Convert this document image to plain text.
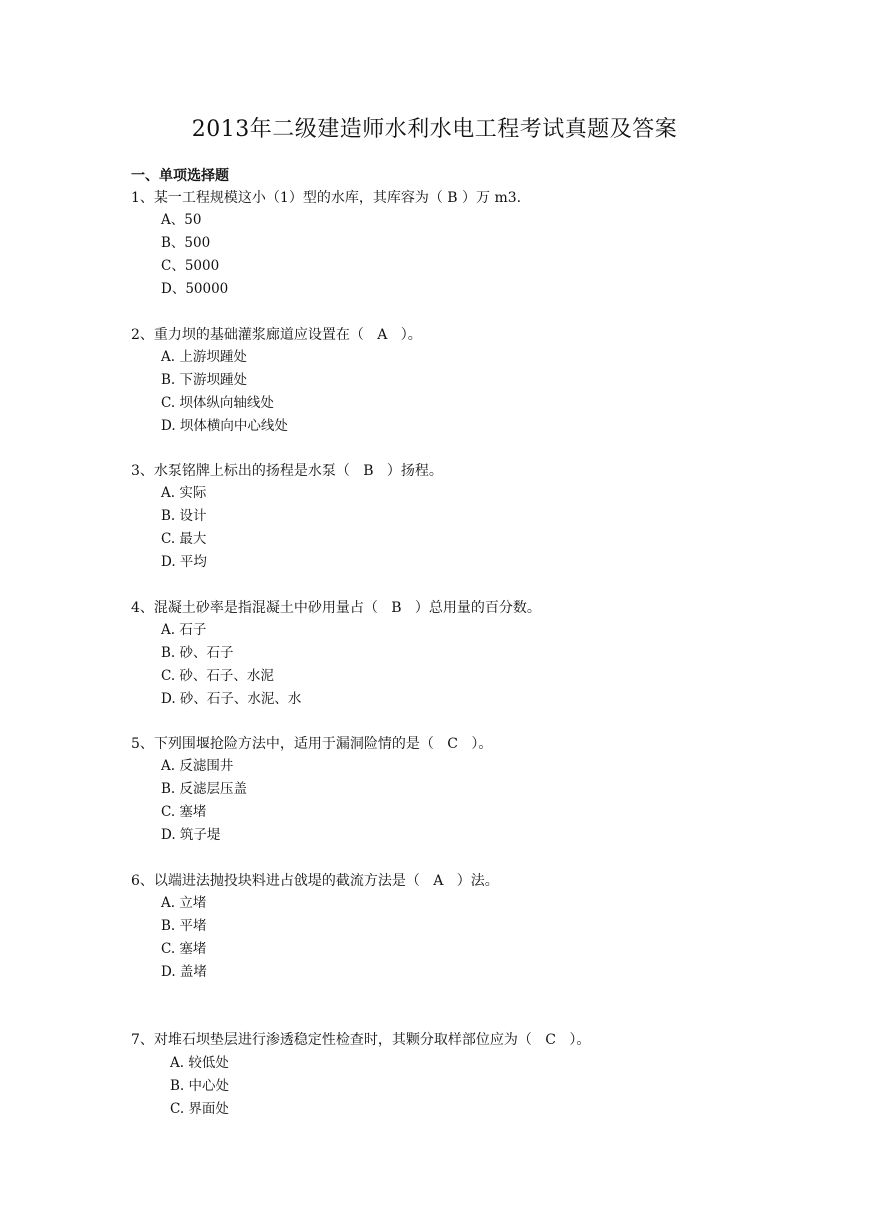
2013年二级建造师水利水电工程考试真题及答案
一、单项选择题
1、某一工程规模这小（1）型的水库，其库容为（ B ）万 m3.
A、50
B、500
C、5000
D、50000
2、重力坝的基础灌浆廊道应设置在（   A   ）。
A. 上游坝踵处
B. 下游坝踵处
C. 坝体纵向轴线处
D. 坝体横向中心线处
3、水泵铭牌上标出的扬程是水泵（   B   ）扬程。
A. 实际
B. 设计
C. 最大
D. 平均
4、混凝土砂率是指混凝土中砂用量占（   B   ）总用量的百分数。
A. 石子
B. 砂、石子
C. 砂、石子、水泥
D. 砂、石子、水泥、水
5、下列围堰抢险方法中，适用于漏洞险情的是（   C   ）。
A. 反滤围井
B. 反滤层压盖
C. 塞堵
D. 筑子堤
6、以端进法抛投块料进占戗堤的截流方法是（   A   ）法。
A. 立堵
B. 平堵
C. 塞堵
D. 盖堵
7、对堆石坝垫层进行渗透稳定性检查时，其颗分取样部位应为（   C   ）。
A. 较低处
B. 中心处
C. 界面处
